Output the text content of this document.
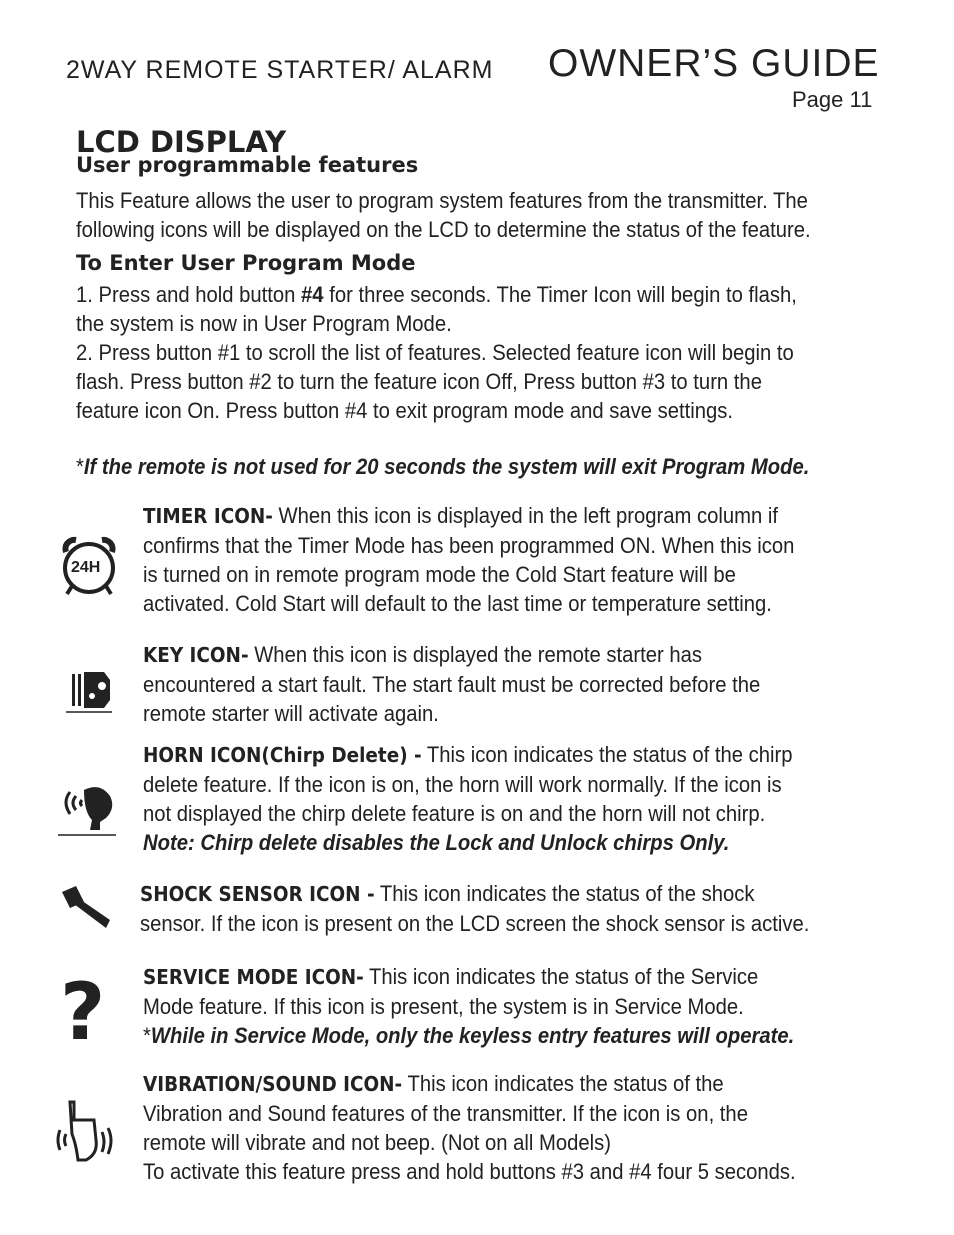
2WAY REMOTE STARTER/ ALARM OWNER’S GUIDE
Page 11
LCD DISPLAY
User programmable features
This Feature allows the user to program system features from the transmitter. The
following icons will be displayed on the LCD to determine the status of the feature.
To Enter User Program Mode
1. Press and hold button #4 for three seconds. The Timer Icon will begin to flash,
the system is now in User Program Mode.
2. Press button #1 to scroll the list of features. Selected feature icon will begin to
flash. Press button #2 to turn the feature icon Off, Press button #3 to turn the
feature icon On. Press button #4 to exit program mode and save settings.
*If the remote is not used for 20 seconds the system will exit Program Mode.
24H
TIMER ICON- When this icon is displayed in the left program column if
confirms that the Timer Mode has been programmed ON. When this icon
is turned on in remote program mode the Cold Start feature will be
activated. Cold Start will default to the last time or temperature setting.
KEY ICON- When this icon is displayed the remote starter has
encountered a start fault. The start fault must be corrected before the
remote starter will activate again.
HORN ICON(Chirp Delete) - This icon indicates the status of the chirp
delete feature. If the icon is on, the horn will work normally. If the icon is
not displayed the chirp delete feature is on and the horn will not chirp.
Note: Chirp delete disables the Lock and Unlock chirps Only.
SHOCK SENSOR ICON - This icon indicates the status of the shock
sensor. If the icon is present on the LCD screen the shock sensor is active.
? SERVICE MODE ICON- This icon indicates the status of the Service
Mode feature. If this icon is present, the system is in Service Mode.
*While in Service Mode, only the keyless entry features will operate.
VIBRATION/SOUND ICON- This icon indicates the status of the
Vibration and Sound features of the transmitter. If the icon is on, the
remote will vibrate and not beep. (Not on all Models)
To activate this feature press and hold buttons #3 and #4 four 5 seconds.
